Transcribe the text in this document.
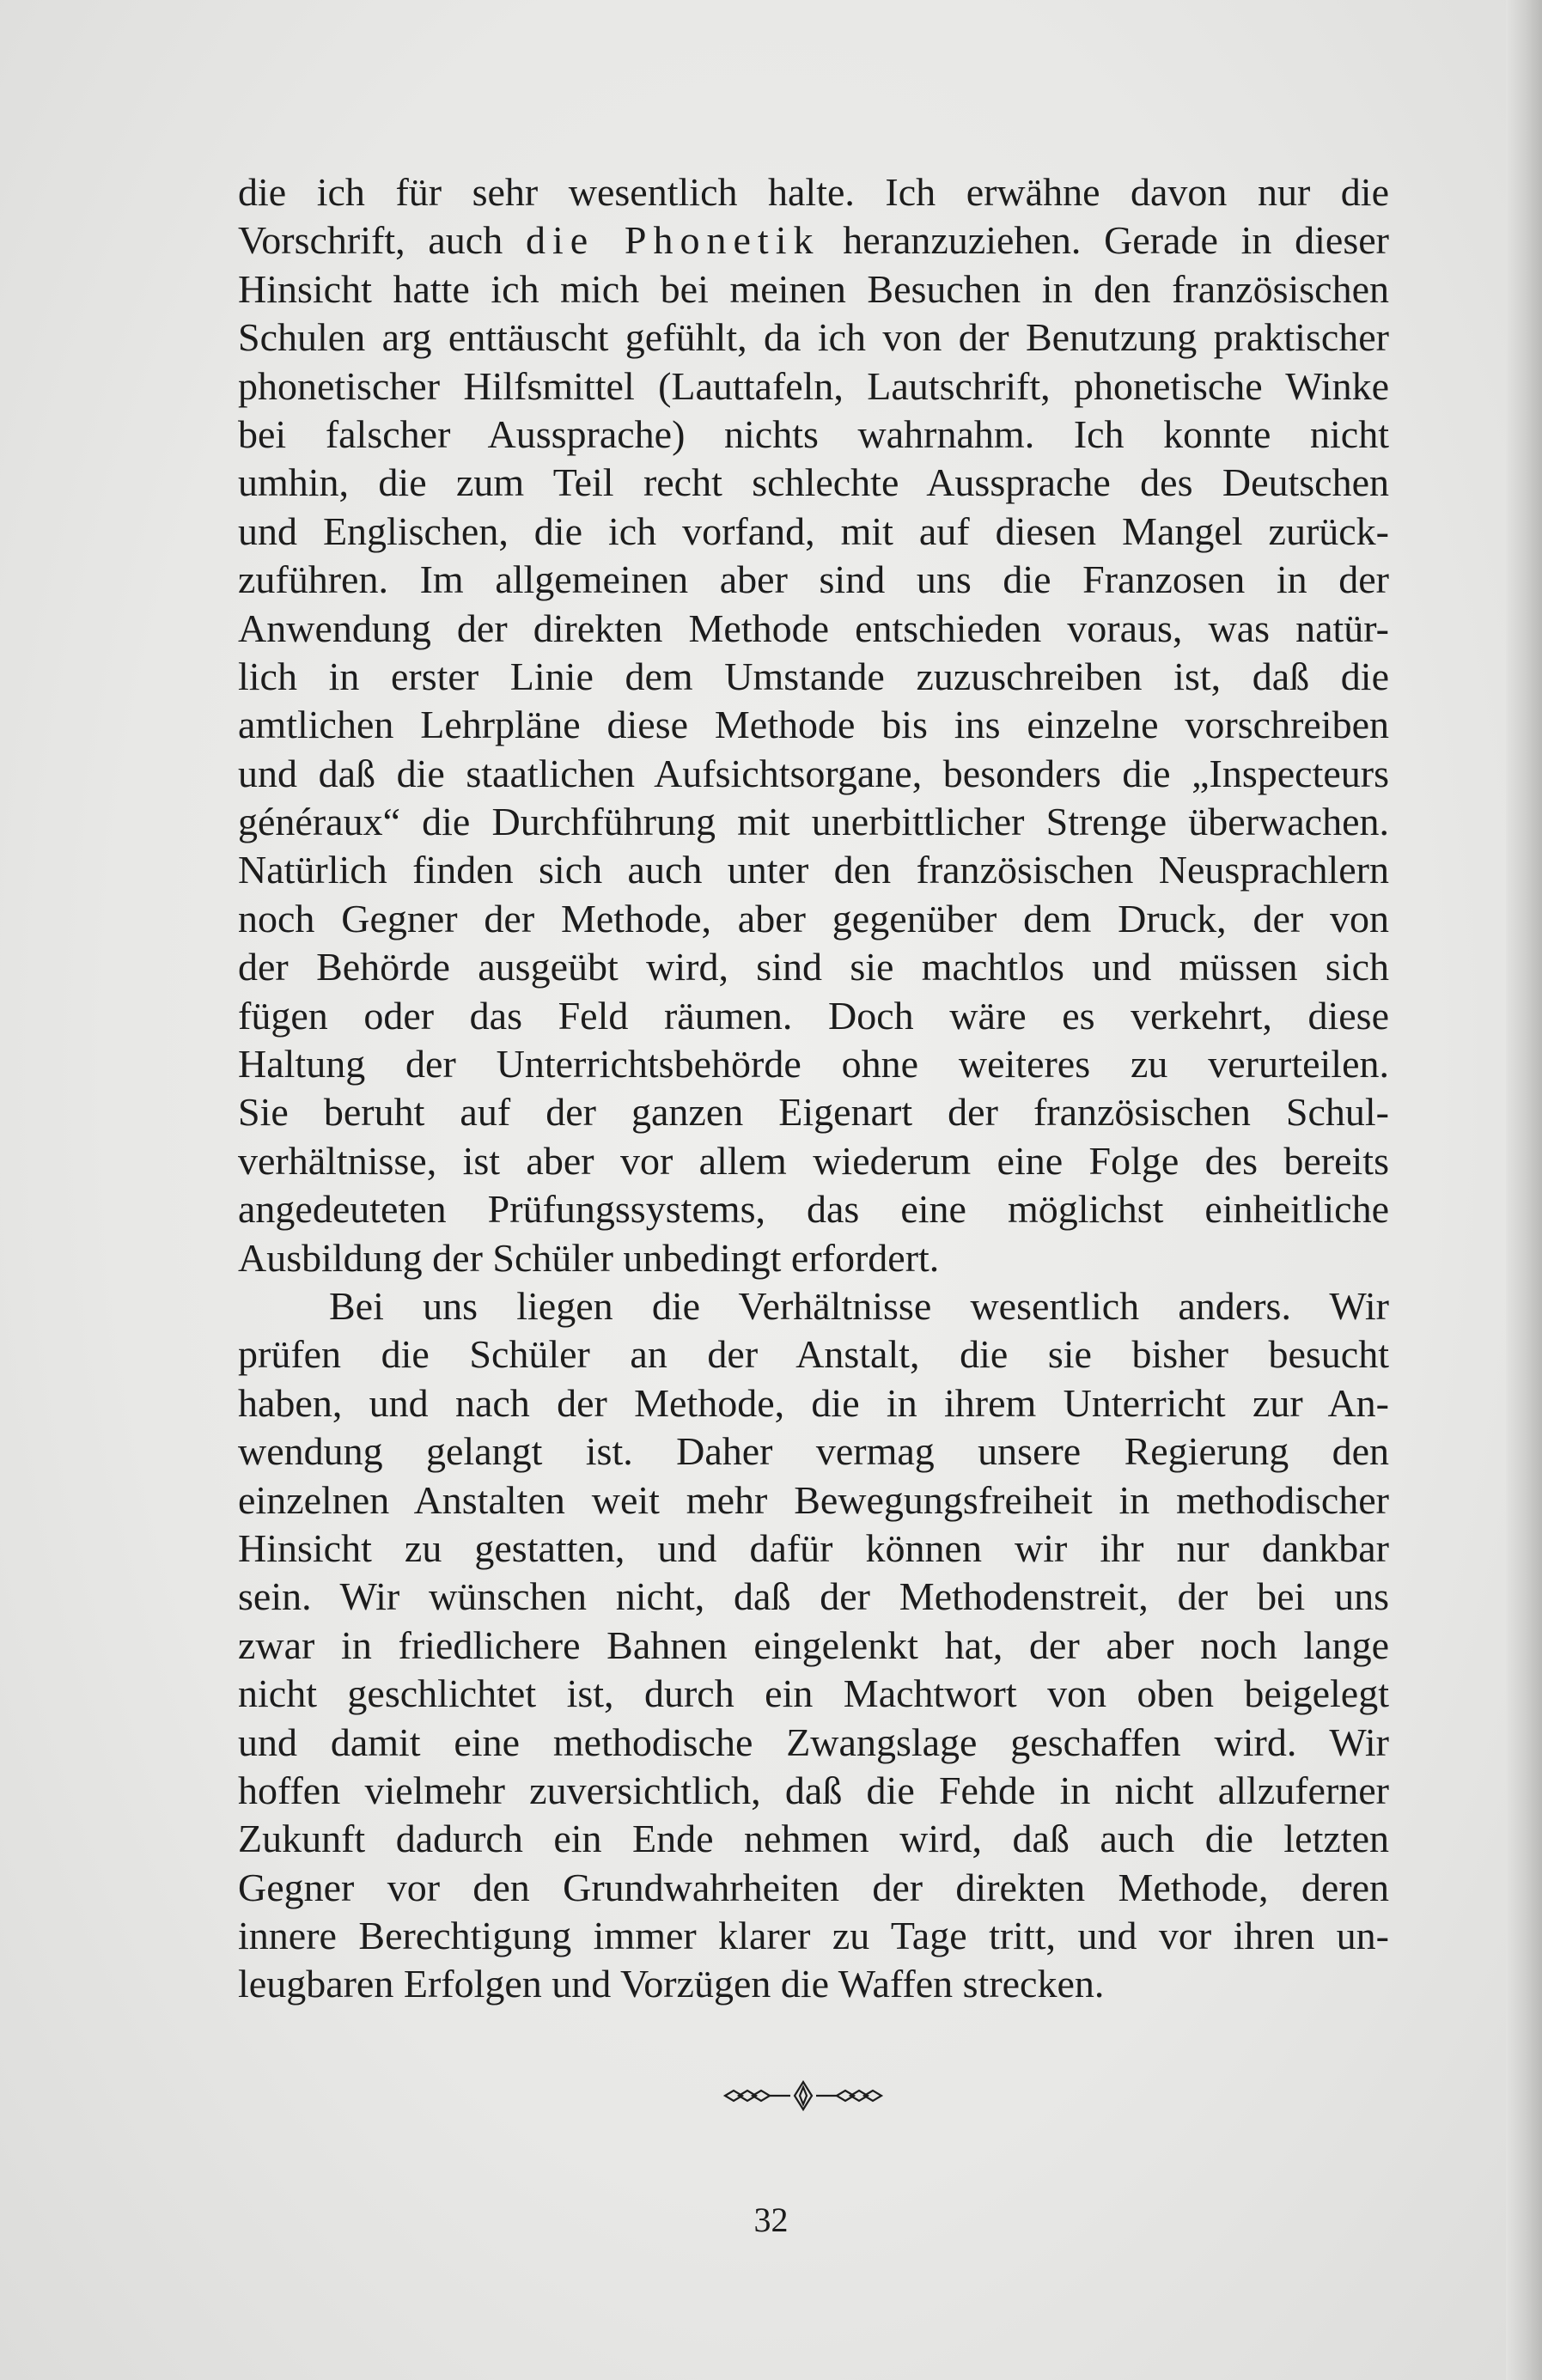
die ich für sehr wesentlich halte. Ich erwähne davon nur die
Vorschrift, auch die Phonetik heranzuziehen. Gerade in dieser
Hinsicht hatte ich mich bei meinen Besuchen in den französischen
Schulen arg enttäuscht gefühlt, da ich von der Benutzung praktischer
phonetischer Hilfsmittel (Lauttafeln, Lautschrift, phonetische Winke
bei falscher Aussprache) nichts wahrnahm. Ich konnte nicht
umhin, die zum Teil recht schlechte Aussprache des Deutschen
und Englischen, die ich vorfand, mit auf diesen Mangel zurück-
zuführen. Im allgemeinen aber sind uns die Franzosen in der
Anwendung der direkten Methode entschieden voraus, was natür-
lich in erster Linie dem Umstande zuzuschreiben ist, daß die
amtlichen Lehrpläne diese Methode bis ins einzelne vorschreiben
und daß die staatlichen Aufsichtsorgane, besonders die „Inspecteurs
généraux“ die Durchführung mit unerbittlicher Strenge überwachen.
Natürlich finden sich auch unter den französischen Neusprachlern
noch Gegner der Methode, aber gegenüber dem Druck, der von
der Behörde ausgeübt wird, sind sie machtlos und müssen sich
fügen oder das Feld räumen. Doch wäre es verkehrt, diese
Haltung der Unterrichtsbehörde ohne weiteres zu verurteilen.
Sie beruht auf der ganzen Eigenart der französischen Schul-
verhältnisse, ist aber vor allem wiederum eine Folge des bereits
angedeuteten Prüfungssystems, das eine möglichst einheitliche
Ausbildung der Schüler unbedingt erfordert.
Bei uns liegen die Verhältnisse wesentlich anders. Wir
prüfen die Schüler an der Anstalt, die sie bisher besucht
haben, und nach der Methode, die in ihrem Unterricht zur An-
wendung gelangt ist. Daher vermag unsere Regierung den
einzelnen Anstalten weit mehr Bewegungsfreiheit in methodischer
Hinsicht zu gestatten, und dafür können wir ihr nur dankbar
sein. Wir wünschen nicht, daß der Methodenstreit, der bei uns
zwar in friedlichere Bahnen eingelenkt hat, der aber noch lange
nicht geschlichtet ist, durch ein Machtwort von oben beigelegt
und damit eine methodische Zwangslage geschaffen wird. Wir
hoffen vielmehr zuversichtlich, daß die Fehde in nicht allzuferner
Zukunft dadurch ein Ende nehmen wird, daß auch die letzten
Gegner vor den Grundwahrheiten der direkten Methode, deren
innere Berechtigung immer klarer zu Tage tritt, und vor ihren un-
leugbaren Erfolgen und Vorzügen die Waffen strecken.
32
